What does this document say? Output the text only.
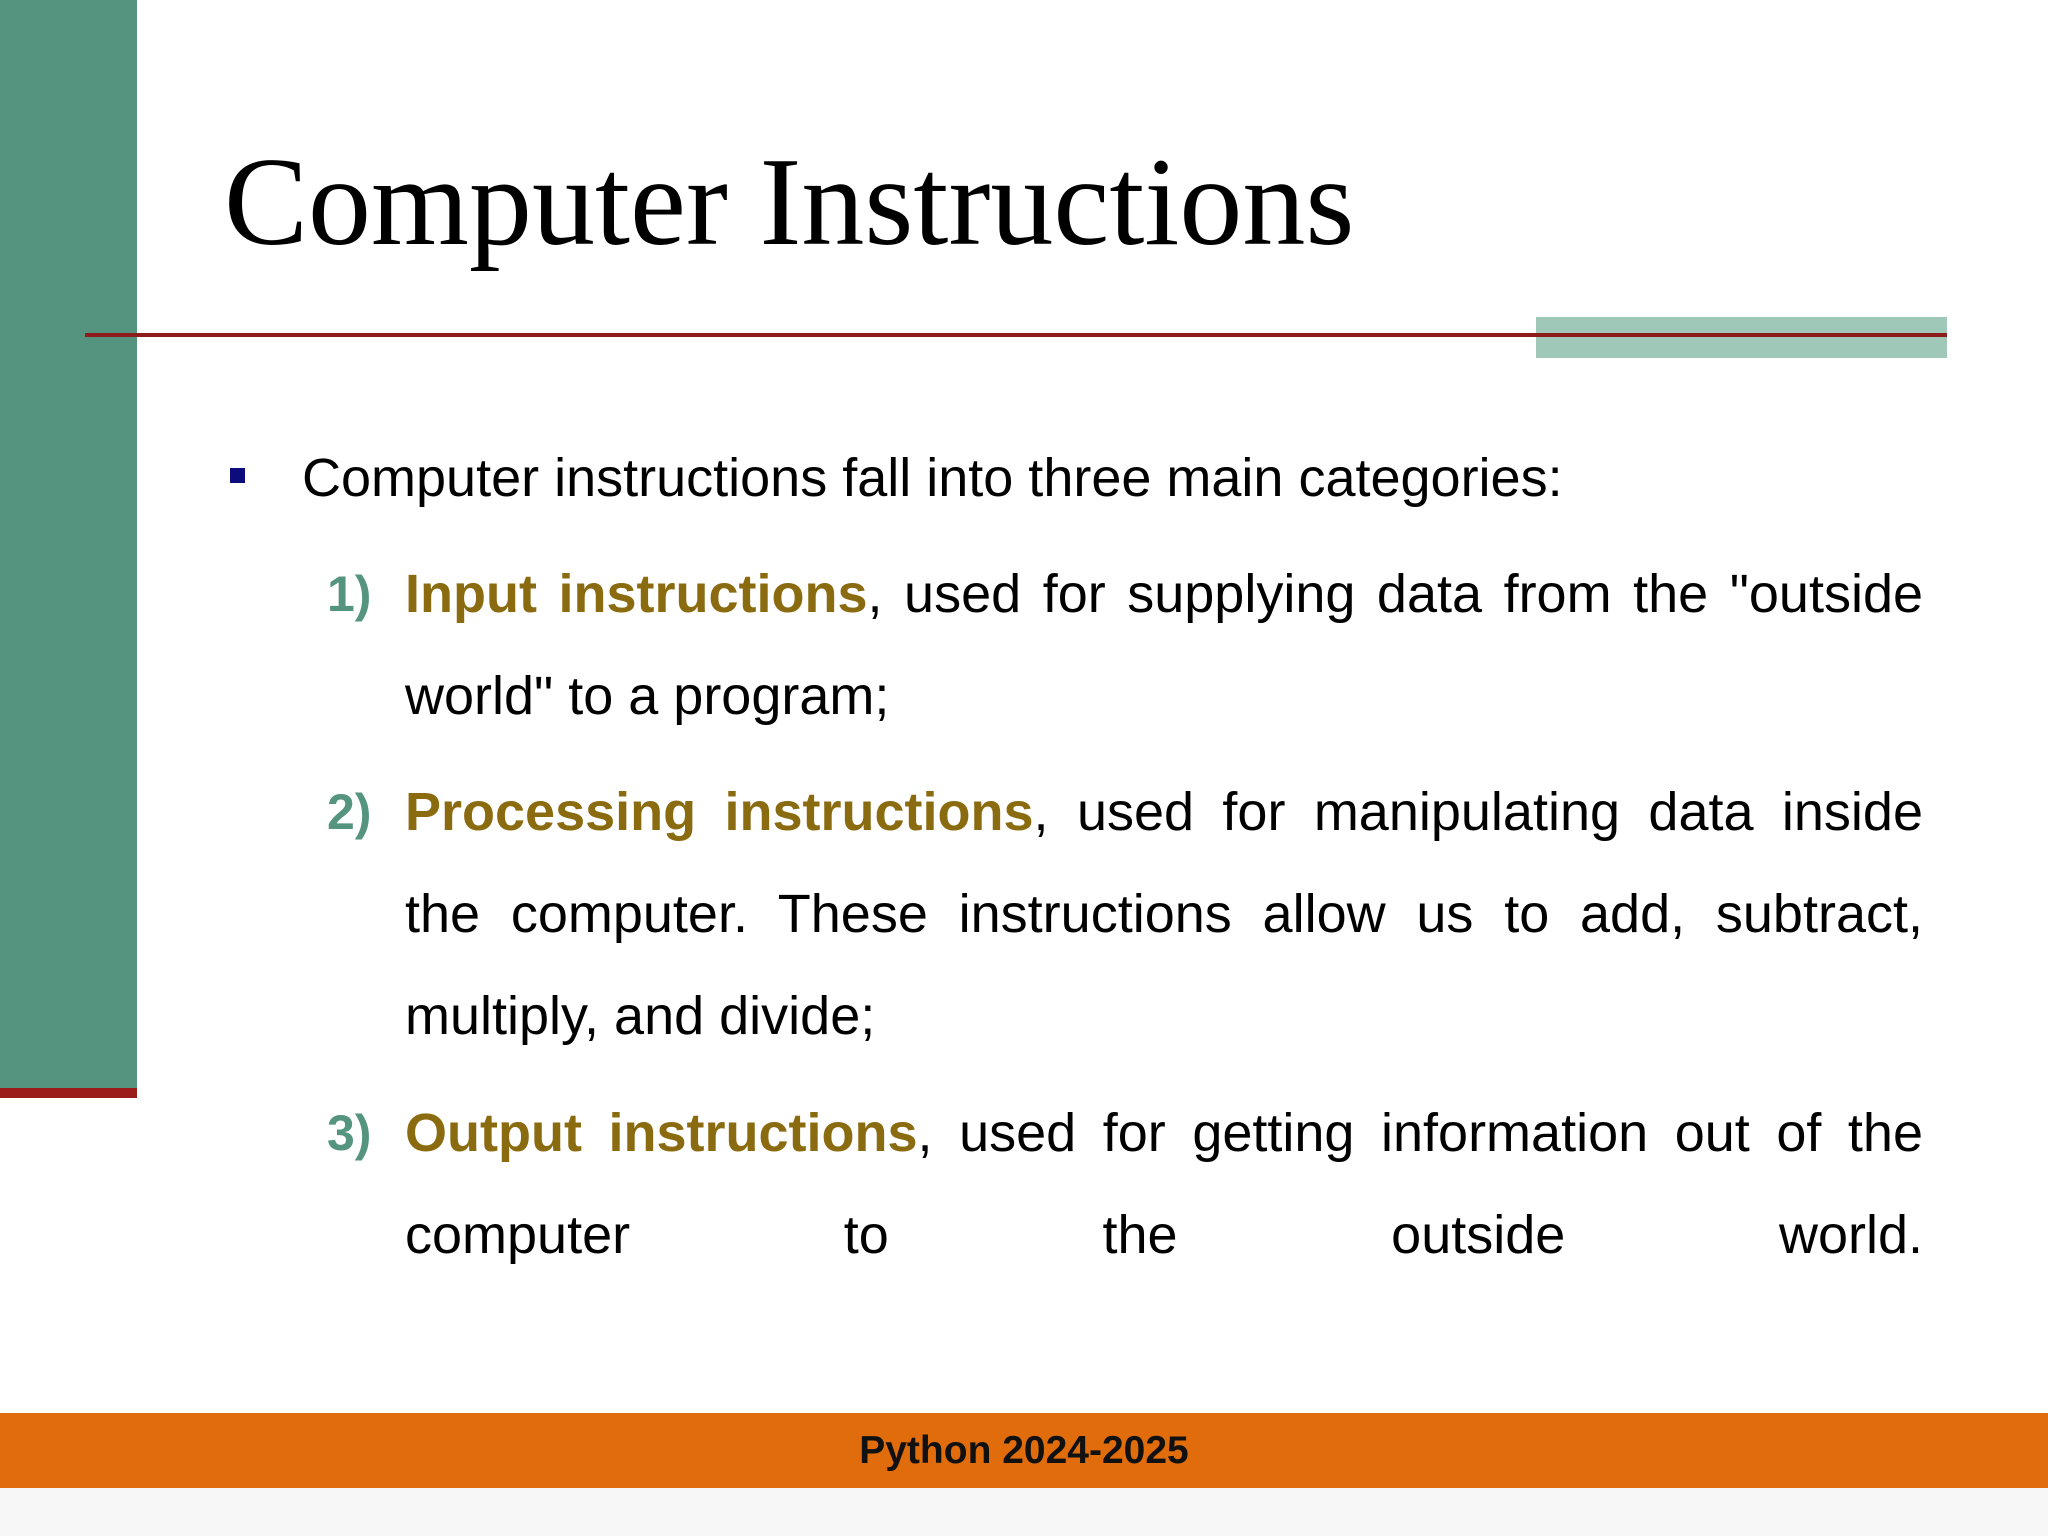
Computer Instructions
Computer instructions fall into three main categories:
1) Input instructions, used for supplying data from the "outside world" to a program;
2) Processing instructions, used for manipulating data inside the computer. These instructions allow us to add, subtract, multiply, and divide;
3) Output instructions, used for getting information out of the computer to the outside world.
Python 2024-2025
